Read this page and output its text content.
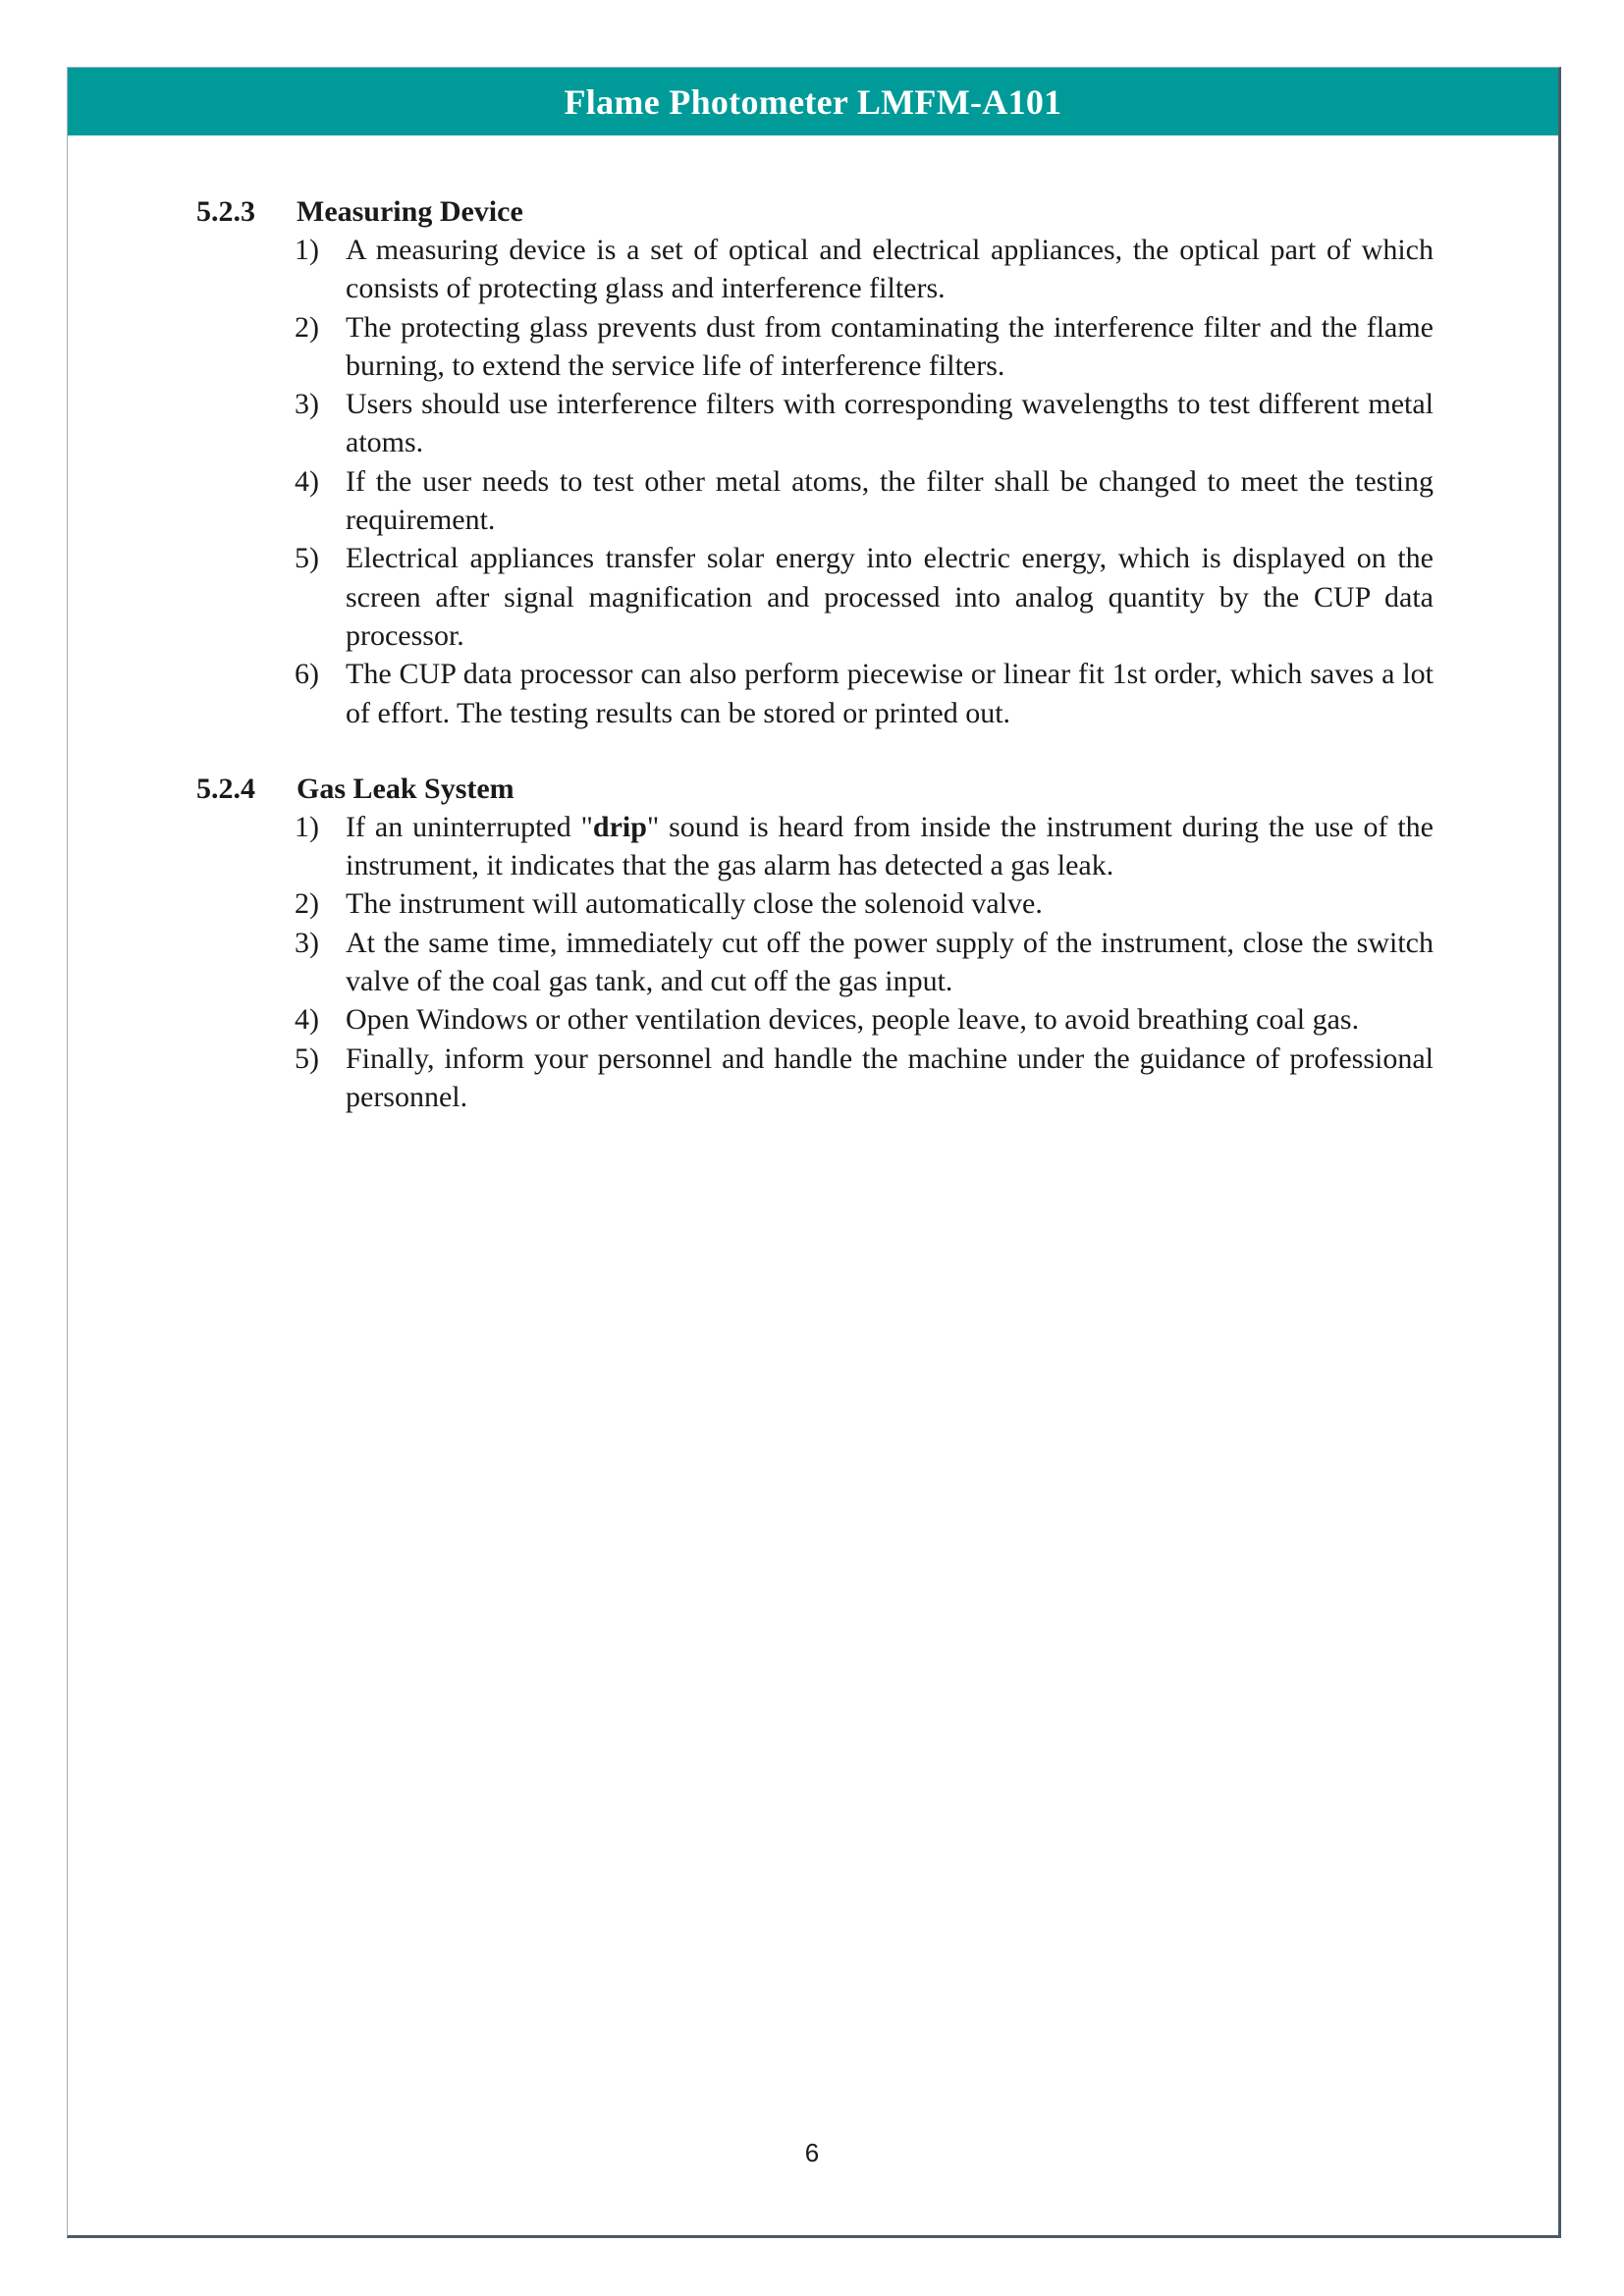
Flame Photometer LMFM-A101
5.2.3	Measuring Device
1) A measuring device is a set of optical and electrical appliances, the optical part of which consists of protecting glass and interference filters.
2) The protecting glass prevents dust from contaminating the interference filter and the flame burning, to extend the service life of interference filters.
3) Users should use interference filters with corresponding wavelengths to test different metal atoms.
4) If the user needs to test other metal atoms, the filter shall be changed to meet the testing requirement.
5) Electrical appliances transfer solar energy into electric energy, which is displayed on the screen after signal magnification and processed into analog quantity by the CUP data processor.
6) The CUP data processor can also perform piecewise or linear fit 1st order, which saves a lot of effort. The testing results can be stored or printed out.
5.2.4	Gas Leak System
1) If an uninterrupted "drip" sound is heard from inside the instrument during the use of the instrument, it indicates that the gas alarm has detected a gas leak.
2) The instrument will automatically close the solenoid valve.
3) At the same time, immediately cut off the power supply of the instrument, close the switch valve of the coal gas tank, and cut off the gas input.
4) Open Windows or other ventilation devices, people leave, to avoid breathing coal gas.
5) Finally, inform your personnel and handle the machine under the guidance of professional personnel.
6
